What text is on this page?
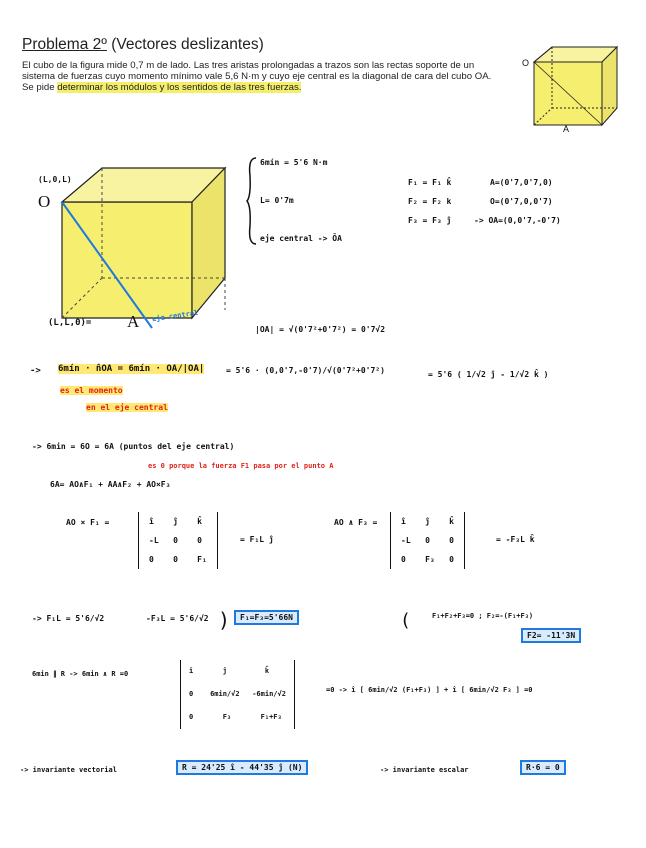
Problema 2º (Vectores deslizantes)
El cubo de la figura mide 0,7 m de lado. Las tres aristas prolongadas a trazos son las rectas soporte de un sistema de fuerzas cuyo momento mínimo vale 5,6 N·m y cuyo eje central es la diagonal de cara del cubo OA.
Se pide determinar los módulos y los sentidos de las tres fuerzas.
O
A
(L,0,L)
O
(L,L,0)= A eje central
6mín = 5'6 N·m
L= 0'7m
eje central -> ŌA
F₁ = F₁ k̂
F₂ = F₂ k
F₃ = F₃ ĵ
A=(0'7,0'7,0)
O=(0'7,0,0'7)
-> OA=(0,0'7,-0'7)
|OA| = √(0'7²+0'7²) = 0'7√2
-> 6mín · n̂OA = 6mín · OA/|OA|	= 5'6 · (0,0'7,-0'7)/√(0'7²+0'7²)	= 5'6 ( 1/√2 ĵ - 1/√2 k̂ )
es el momento
en el eje central
-> 6min = 6O = 6A (puntos del eje central)
es 0 porque la fuerza F1 pasa por el punto A
6A= AO∧F₁ + AA∧F₂ + AO×F₃
AO × F₁ =	î    ĵ    k̂
-L   0    0
0    0    F₁
= F₁L ĵ
AO ∧ F₃ =	î    ĵ    k̂
-L   0    0
0    F₃   0
= -F₃L k̂
-> F₁L = 5'6/√2	-F₃L = 5'6/√2 )	F₁=F₃=5'66N	(	F₁+F₂+F₃=0 ; F₂=-(F₁+F₃)
F2= -11'3N
6min ∥ R -> 6min ∧ R =0	î       ĵ         k̂
0    6min/√2   -6min/√2
0       F₃       F₁+F₃
=0 -> î [ 6min/√2 (F₁+F₃) ] + î [ 6min/√2 F₃ ] =0
-> invariante vectorial	R = 24'25 î - 44'35 ĵ (N)	-> invariante escalar	R·6 = 0
